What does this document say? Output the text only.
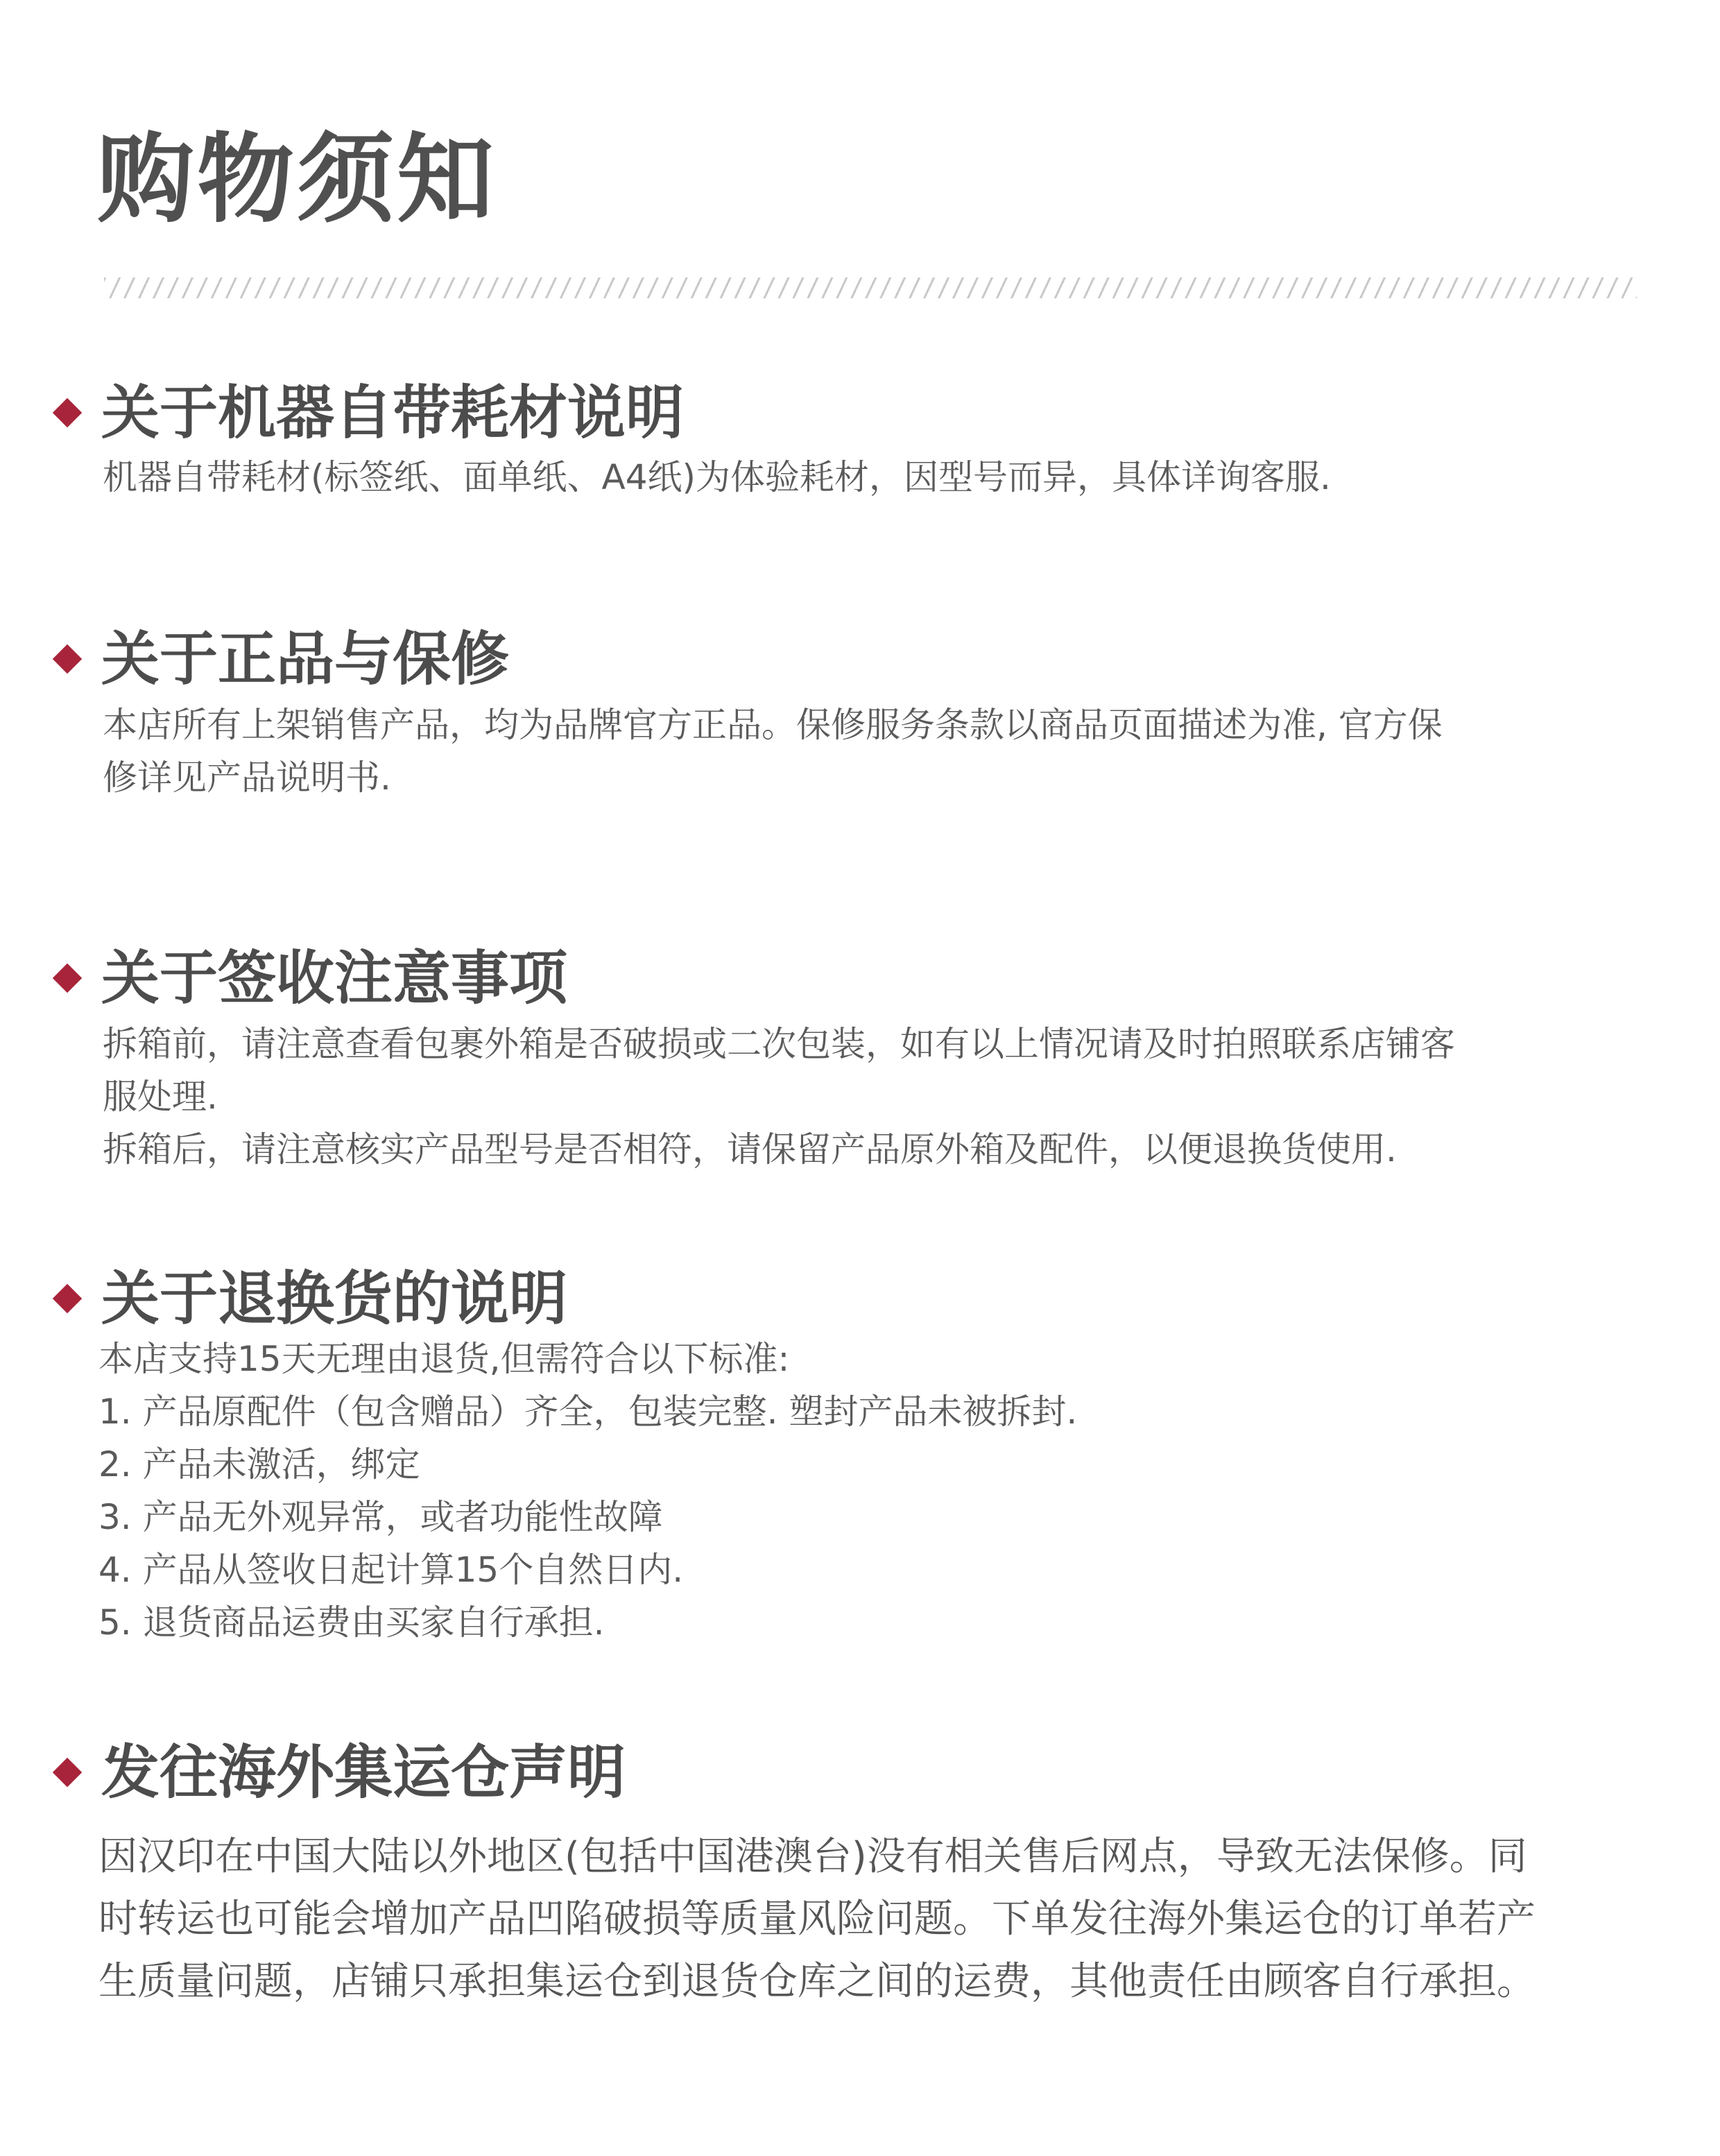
购物须知
关于机器自带耗材说明
机器自带耗材(标签纸、面单纸、A4纸)为体验耗材，因型号而异，具体详询客服.
关于正品与保修
本店所有上架销售产品，均为品牌官方正品。保修服务条款以商品页面描述为准, 官方保
修详见产品说明书.
关于签收注意事项
拆箱前，请注意查看包裹外箱是否破损或二次包装，如有以上情况请及时拍照联系店铺客
服处理.
拆箱后，请注意核实产品型号是否相符，请保留产品原外箱及配件，以便退换货使用.
关于退换货的说明
本店支持15天无理由退货,但需符合以下标准:
1. 产品原配件（包含赠品）齐全，包装完整. 塑封产品未被拆封.
2. 产品未激活，绑定
3. 产品无外观异常，或者功能性故障
4. 产品从签收日起计算15个自然日内.
5. 退货商品运费由买家自行承担.
发往海外集运仓声明
因汉印在中国大陆以外地区(包括中国港澳台)没有相关售后网点，导致无法保修。同
时转运也可能会增加产品凹陷破损等质量风险问题。下单发往海外集运仓的订单若产
生质量问题，店铺只承担集运仓到退货仓库之间的运费，其他责任由顾客自行承担。
